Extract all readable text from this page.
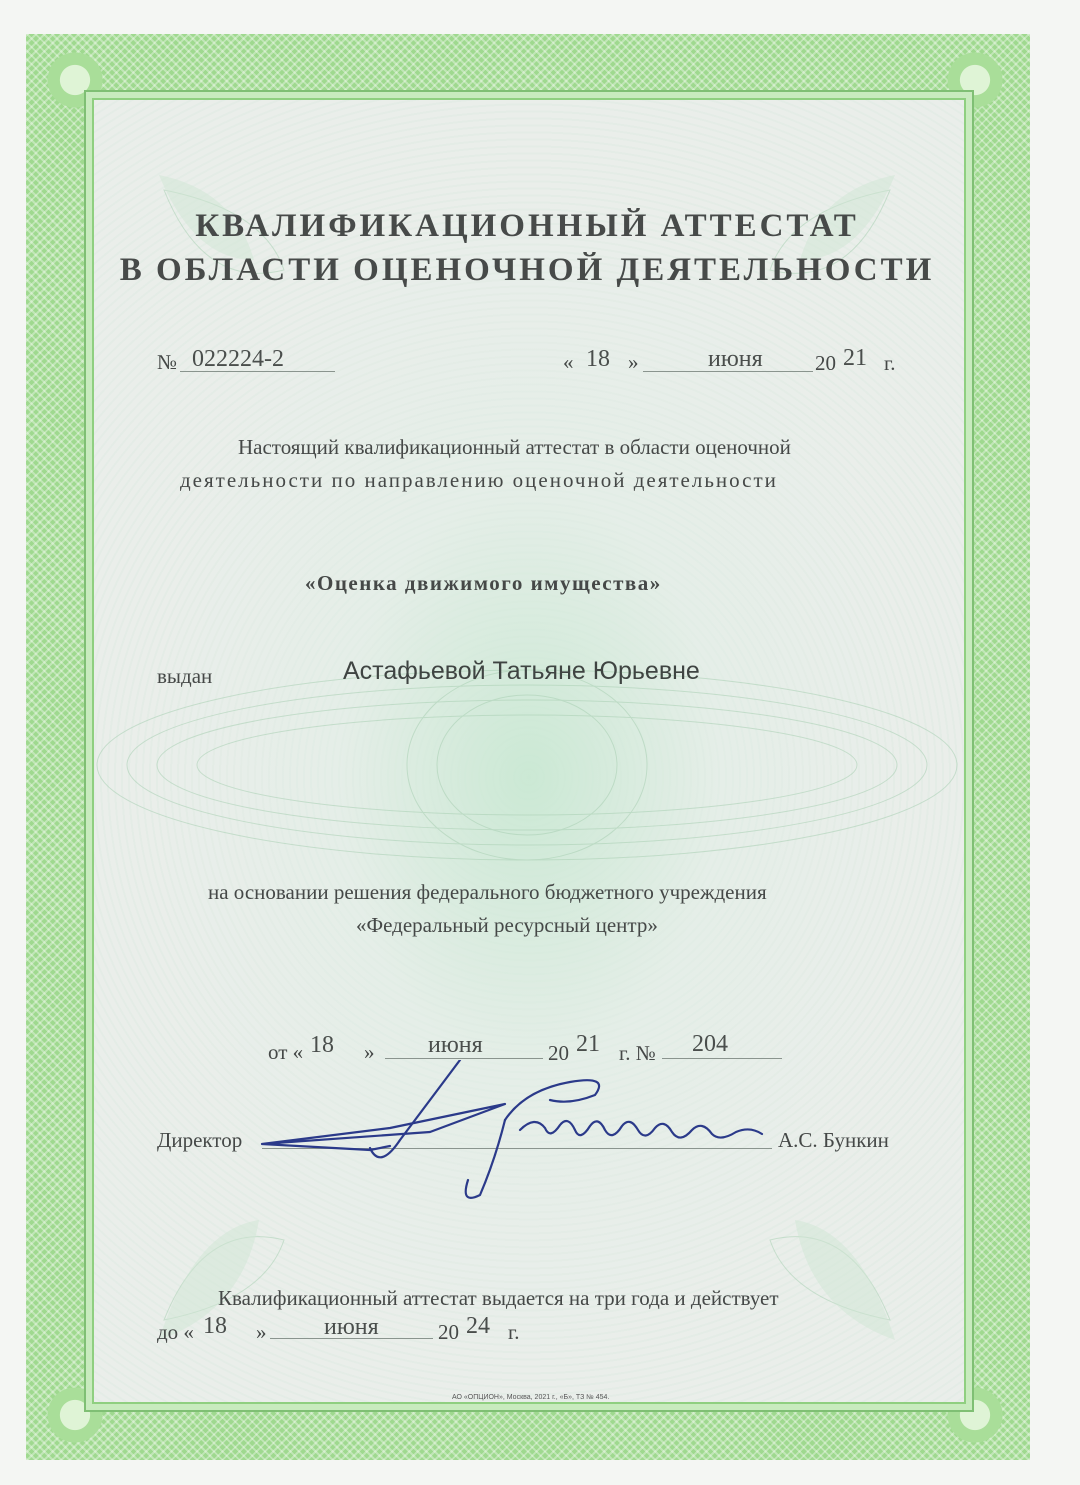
КВАЛИФИКАЦИОННЫЙ АТТЕСТАТ
В ОБЛАСТИ ОЦЕНОЧНОЙ ДЕЯТЕЛЬНОСТИ
№ 022224-2	« 18 »	июня 20 21 г.
Настоящий квалификационный аттестат в области оценочной
деятельности по направлению оценочной деятельности
«Оценка движимого имущества»
выдан	Астафьевой Татьяне Юрьевне
на основании решения федерального бюджетного учреждения
«Федеральный ресурсный центр»
от « 18 » июня	20 21 г. № 204
Директор	А.С. Бункин
Квалификационный аттестат выдается на три года и действует
до « 18 » июня	20 24 г.
АО «ОПЦИОН», Москва, 2021 г., «Б», ТЗ № 454.
